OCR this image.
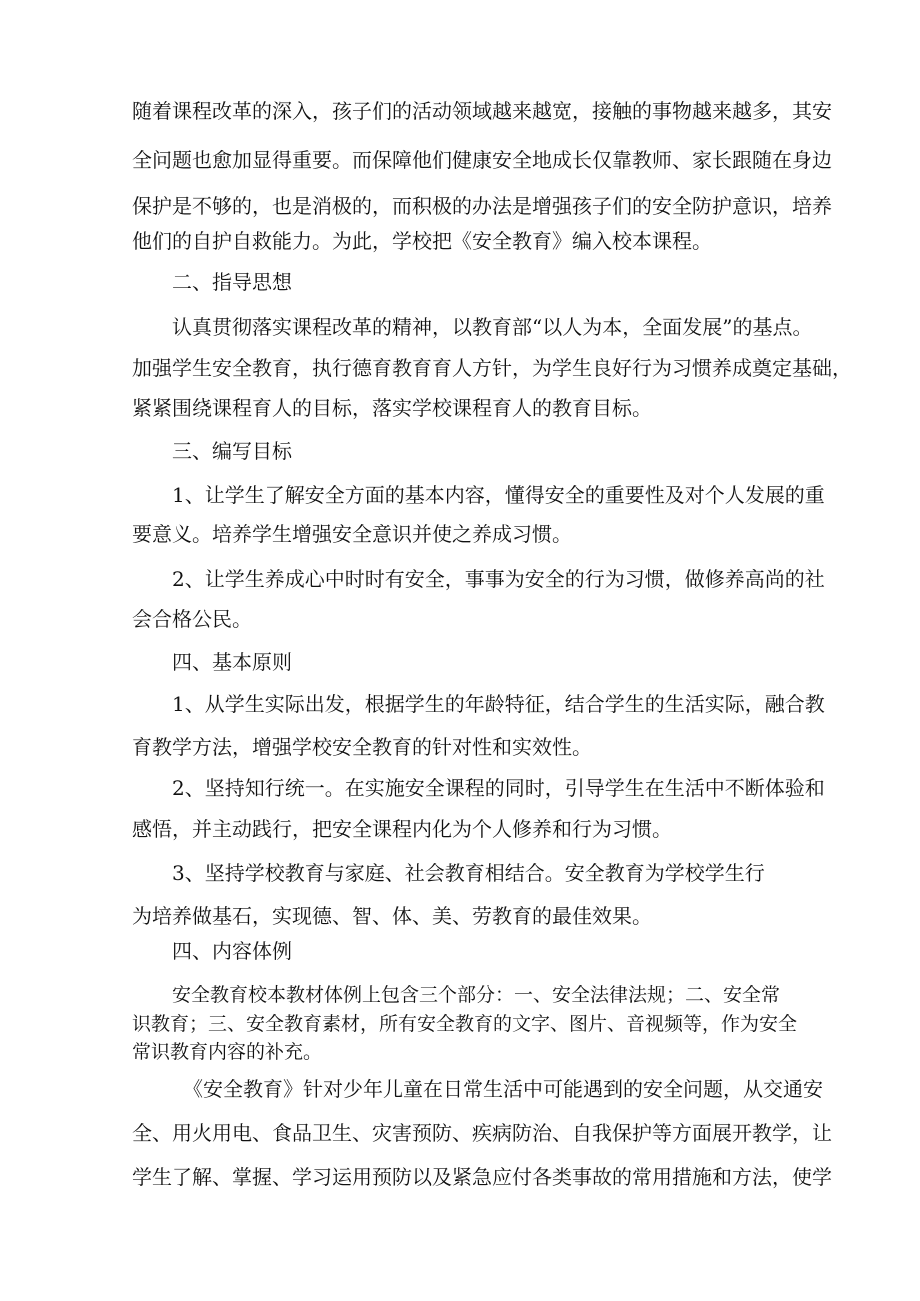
随着课程改革的深入，孩子们的活动领域越来越宽，接触的事物越来越多，其安
全问题也愈加显得重要。而保障他们健康安全地成长仅靠教师、家长跟随在身边
保护是不够的，也是消极的，而积极的办法是增强孩子们的安全防护意识，培养
他们的自护自救能力。为此，学校把《安全教育》编入校本课程。
二、指导思想
认真贯彻落实课程改革的精神，以教育部“以人为本，全面发展”的基点。
加强学生安全教育，执行德育教育育人方针，为学生良好行为习惯养成奠定基础，
紧紧围绕课程育人的目标，落实学校课程育人的教育目标。
三、编写目标
1、让学生了解安全方面的基本内容，懂得安全的重要性及对个人发展的重
要意义。培养学生增强安全意识并使之养成习惯。
2、让学生养成心中时时有安全，事事为安全的行为习惯，做修养高尚的社
会合格公民。
四、基本原则
1、从学生实际出发，根据学生的年龄特征，结合学生的生活实际，融合教
育教学方法，增强学校安全教育的针对性和实效性。
2、坚持知行统一。在实施安全课程的同时，引导学生在生活中不断体验和
感悟，并主动践行，把安全课程内化为个人修养和行为习惯。
3、坚持学校教育与家庭、社会教育相结合。安全教育为学校学生行
为培养做基石，实现德、智、体、美、劳教育的最佳效果。
四、内容体例
安全教育校本教材体例上包含三个部分：一、安全法律法规；二、安全常
识教育；三、安全教育素材，所有安全教育的文字、图片、音视频等，作为安全
常识教育内容的补充。
《安全教育》针对少年儿童在日常生活中可能遇到的安全问题，从交通安
全、用火用电、食品卫生、灾害预防、疾病防治、自我保护等方面展开教学，让
学生了解、掌握、学习运用预防以及紧急应付各类事故的常用措施和方法，使学
